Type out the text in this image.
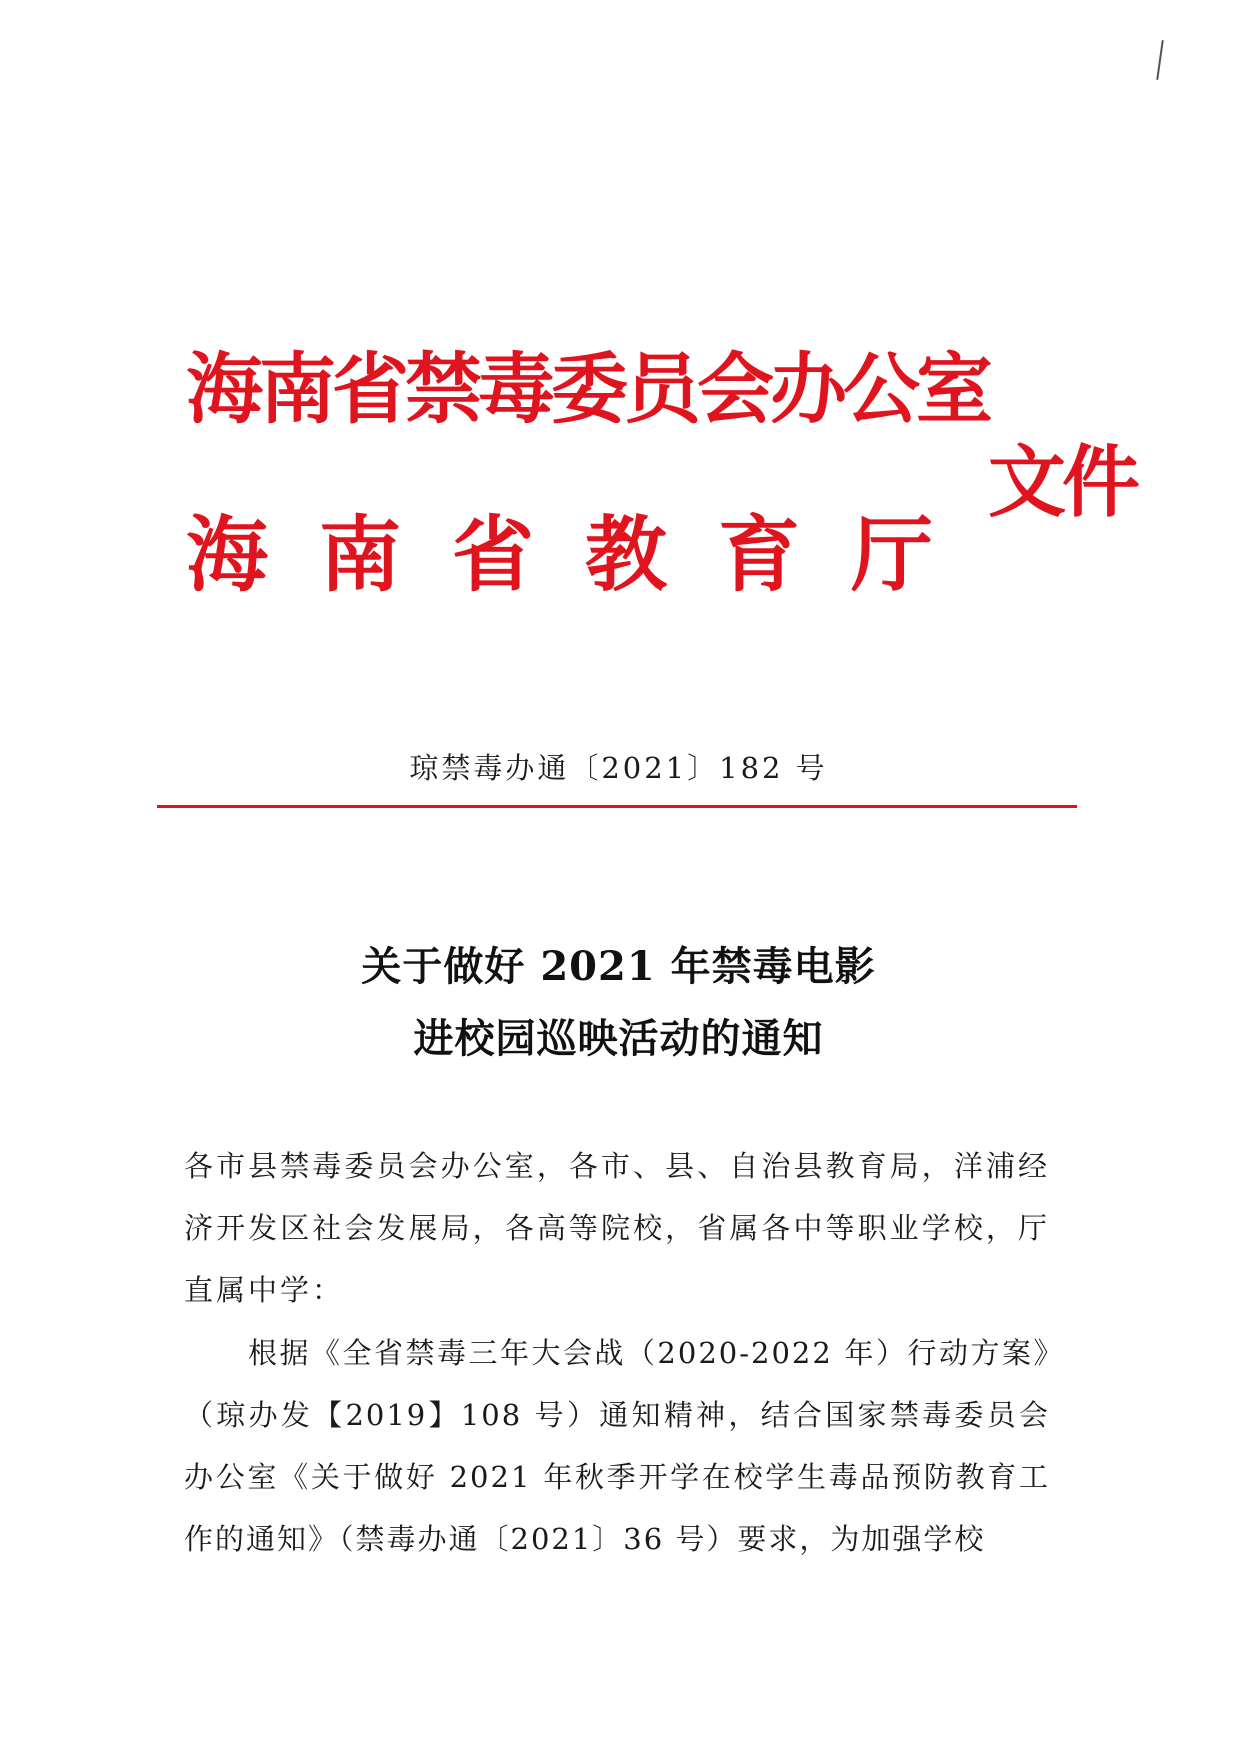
海南省禁毒委员会办公室
海南省教育厅
文件
琼禁毒办通〔2021〕182 号
关于做好 2021 年禁毒电影
进校园巡映活动的通知
各市县禁毒委员会办公室，各市、县、自治县教育局，洋浦经济开发区社会发展局，各高等院校，省属各中等职业学校，厅直属中学：
根据《全省禁毒三年大会战（2020-2022 年）行动方案》（琼办发【2019】108 号）通知精神，结合国家禁毒委员会办公室《关于做好 2021 年秋季开学在校学生毒品预防教育工作的通知》（禁毒办通〔2021〕36 号）要求，为加强学校
